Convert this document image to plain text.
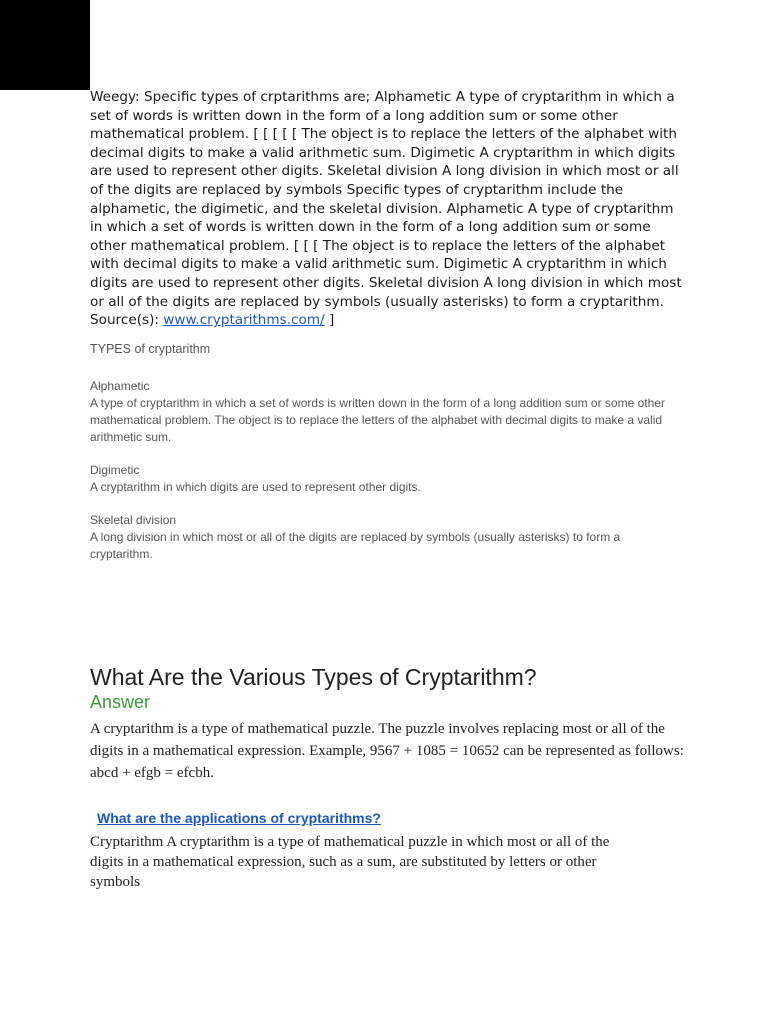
Weegy: Specific types of crptarithms are; Alphametic A type of cryptarithm in which a set of words is written down in the form of a long addition sum or some other mathematical problem. [ [ [ [ [ The object is to replace the letters of the alphabet with decimal digits to make a valid arithmetic sum. Digimetic A cryptarithm in which digits are used to represent other digits. Skeletal division A long division in which most or all of the digits are replaced by symbols Specific types of cryptarithm include the alphametic, the digimetic, and the skeletal division. Alphametic A type of cryptarithm in which a set of words is written down in the form of a long addition sum or some other mathematical problem. [ [ [ The object is to replace the letters of the alphabet with decimal digits to make a valid arithmetic sum. Digimetic A cryptarithm in which digits are used to represent other digits. Skeletal division A long division in which most or all of the digits are replaced by symbols (usually asterisks) to form a cryptarithm. Source(s): www.cryptarithms.com/ ]

TYPES of cryptarithm

Alphametic

A type of cryptarithm in which a set of words is written down in the form of a long addition sum or some other mathematical problem. The object is to replace the letters of the alphabet with decimal digits to make a valid arithmetic sum.

Digimetic

A cryptarithm in which digits are used to represent other digits.

Skeletal division

A long division in which most or all of the digits are replaced by symbols (usually asterisks) to form a cryptarithm.

What Are the Various Types of Cryptarithm?

Answer

A cryptarithm is a type of mathematical puzzle. The puzzle involves replacing most or all of the digits in a mathematical expression. Example, 9567 + 1085 = 10652 can be represented as follows: abcd + efgb = efcbh.

What are the applications of cryptarithms?

Cryptarithm A cryptarithm is a type of mathematical puzzle in which most or all of the digits in a mathematical expression, such as a sum, are substituted by letters or other symbols
